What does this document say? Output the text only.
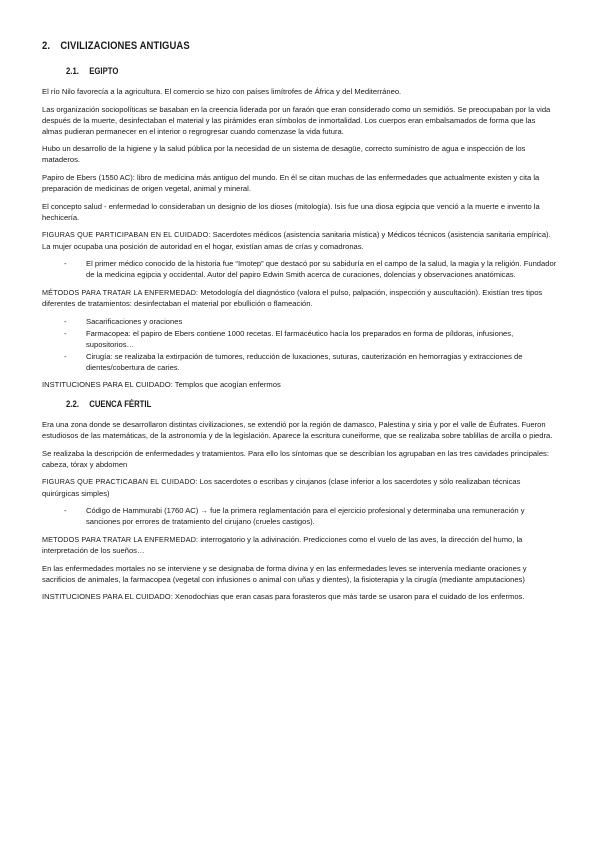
2. CIVILIZACIONES ANTIGUAS
2.1. EGIPTO

El río Nilo favorecía a la agricultura. El comercio se hizo con países limítrofes de África y del Mediterráneo.

Las organización sociopolíticas se basaban en la creencia liderada por un faraón que eran considerado como un semidiós. Se preocupaban por la vida después de la muerte, desinfectaban el material y las pirámides eran símbolos de inmortalidad. Los cuerpos eran embalsamados de forma que las almas pudieran permanecer en el interior o regrogresar cuando comenzase la vida futura.

Hubo un desarrollo de la higiene y la salud pública por la necesidad de un sistema de desagüe, correcto suministro de agua e inspección de los mataderos.

Papiro de Ebers (1550 AC): libro de medicina más antiguo del mundo. En él se citan muchas de las enfermedades que actualmente existen y cita la preparación de medicinas de origen vegetal, animal y mineral.

El concepto salud - enfermedad lo consideraban un designio de los dioses (mitología). Isis fue una diosa egipcia que venció a la muerte e invento la hechicería.

FIGURAS QUE PARTICIPABAN EN EL CUIDADO: Sacerdotes médicos (asistencia sanitaria mística) y Médicos técnicos (asistencia sanitaria empírica). La mujer ocupaba una posición de autoridad en el hogar, existían amas de crías y comadronas.

- El primer médico conocido de la historia fue “Imotep” que destacó por su sabiduría en el campo de la salud, la magia y la religión. Fundador de la medicina egipcia y occidental. Autor del papiro Edwin Smith acerca de curaciones, dolencias y observaciones anatómicas.

MÉTODOS PARA TRATAR LA ENFERMEDAD: Metodología del diagnóstico (valora el pulso, palpación, inspección y auscultación). Existían tres tipos diferentes de tratamientos: desinfectaban el material por ebullición o flameación.

- Sacarificaciones y oraciones
- Farmacopea: el papiro de Ebers contiene 1000 recetas. El farmacéutico hacía los preparados en forma de píldoras, infusiones, supositorios…
- Cirugía: se realizaba la extirpación de tumores, reducción de luxaciones, suturas, cauterización en hemorragias y extracciones de dientes/cobertura de caries.

INSTITUCIONES PARA EL CUIDADO: Templos que acogían enfermos

2.2. CUENCA FÉRTIL

Era una zona donde se desarrollaron distintas civilizaciones, se extendió por la región de damasco, Palestina y siria y por el valle de Éufrates. Fueron estudiosos de las matemáticas, de la astronomía y de la legislación. Aparece la escritura cuneiforme, que se realizaba sobre tablillas de arcilla o piedra.

Se realizaba la descripción de enfermedades y tratamientos. Para ello los síntomas que se describían los agrupaban en las tres cavidades principales: cabeza, tórax y abdomen

FIGURAS QUE PRACTICABAN EL CUIDADO: Los sacerdotes o escribas y cirujanos (clase inferior a los sacerdotes y sólo realizaban técnicas quirúrgicas simples)

- Código de Hammurabi (1760 AC) → fue la primera reglamentación para el ejercicio profesional y determinaba una remuneración y sanciones por errores de tratamiento del cirujano (crueles castigos).

METODOS PARA TRATAR LA ENFERMEDAD: interrogatorio y la adivinación. Predicciones como el vuelo de las aves, la dirección del humo, la interpretación de los sueños…

En las enfermedades mortales no se interviene y se designaba de forma divina y en las enfermedades leves se intervenía mediante oraciones y sacrificios de animales, la farmacopea (vegetal con infusiones o animal con uñas y dientes), la fisioterapia y la cirugía (mediante amputaciones)

INSTITUCIONES PARA EL CUIDADO: Xenodochias que eran casas para forasteros que más tarde se usaron para el cuidado de los enfermos.
